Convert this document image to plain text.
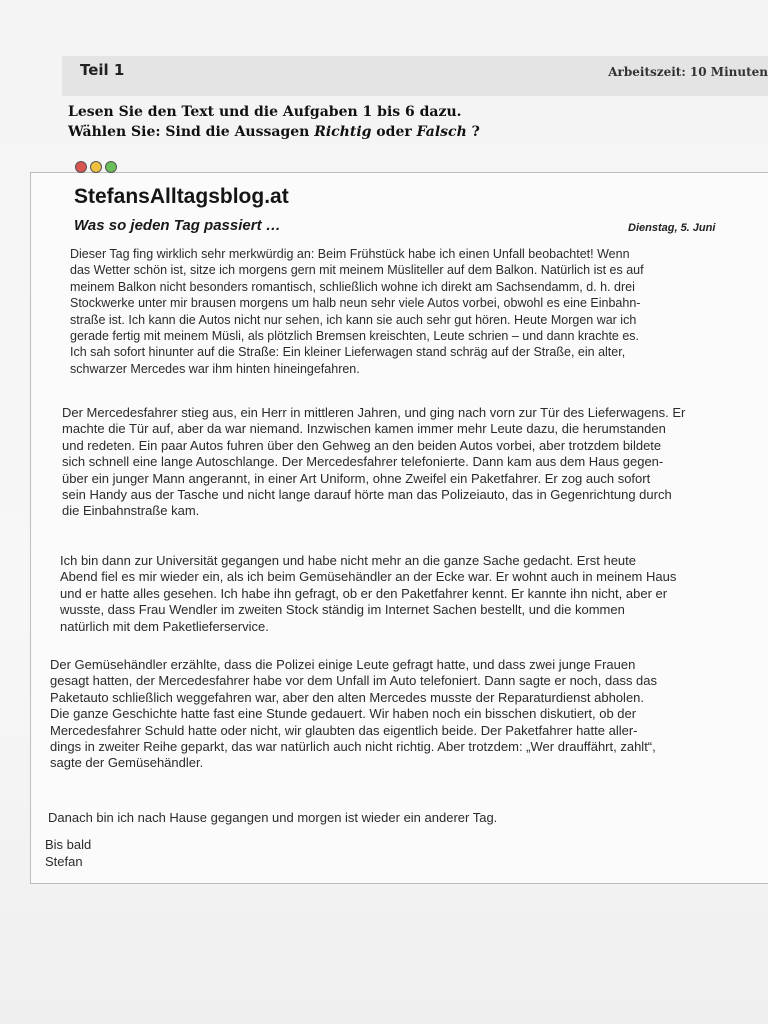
Teil 1	Arbeitszeit: 10 Minuten
Lesen Sie den Text und die Aufgaben 1 bis 6 dazu.
Wählen Sie: Sind die Aussagen Richtig oder Falsch ?
StefansAlltagsblog.at
Was so jeden Tag passiert …	Dienstag, 5. Juni
Dieser Tag fing wirklich sehr merkwürdig an: Beim Frühstück habe ich einen Unfall beobachtet! Wenn
das Wetter schön ist, sitze ich morgens gern mit meinem Müsliteller auf dem Balkon. Natürlich ist es auf
meinem Balkon nicht besonders romantisch, schließlich wohne ich direkt am Sachsendamm, d. h. drei
Stockwerke unter mir brausen morgens um halb neun sehr viele Autos vorbei, obwohl es eine Einbahn-
straße ist. Ich kann die Autos nicht nur sehen, ich kann sie auch sehr gut hören. Heute Morgen war ich
gerade fertig mit meinem Müsli, als plötzlich Bremsen kreischten, Leute schrien – und dann krachte es.
Ich sah sofort hinunter auf die Straße: Ein kleiner Lieferwagen stand schräg auf der Straße, ein alter,
schwarzer Mercedes war ihm hinten hineingefahren.
Der Mercedesfahrer stieg aus, ein Herr in mittleren Jahren, und ging nach vorn zur Tür des Lieferwagens. Er
machte die Tür auf, aber da war niemand. Inzwischen kamen immer mehr Leute dazu, die herumstanden
und redeten. Ein paar Autos fuhren über den Gehweg an den beiden Autos vorbei, aber trotzdem bildete
sich schnell eine lange Autoschlange. Der Mercedesfahrer telefonierte. Dann kam aus dem Haus gegen-
über ein junger Mann angerannt, in einer Art Uniform, ohne Zweifel ein Paketfahrer. Er zog auch sofort
sein Handy aus der Tasche und nicht lange darauf hörte man das Polizeiauto, das in Gegenrichtung durch
die Einbahnstraße kam.
Ich bin dann zur Universität gegangen und habe nicht mehr an die ganze Sache gedacht. Erst heute
Abend fiel es mir wieder ein, als ich beim Gemüsehändler an der Ecke war. Er wohnt auch in meinem Haus
und er hatte alles gesehen. Ich habe ihn gefragt, ob er den Paketfahrer kennt. Er kannte ihn nicht, aber er
wusste, dass Frau Wendler im zweiten Stock ständig im Internet Sachen bestellt, und die kommen
natürlich mit dem Paketlieferservice.
Der Gemüsehändler erzählte, dass die Polizei einige Leute gefragt hatte, und dass zwei junge Frauen
gesagt hatten, der Mercedesfahrer habe vor dem Unfall im Auto telefoniert. Dann sagte er noch, dass das
Paketauto schließlich weggefahren war, aber den alten Mercedes musste der Reparaturdienst abholen.
Die ganze Geschichte hatte fast eine Stunde gedauert. Wir haben noch ein bisschen diskutiert, ob der
Mercedesfahrer Schuld hatte oder nicht, wir glaubten das eigentlich beide. Der Paketfahrer hatte aller-
dings in zweiter Reihe geparkt, das war natürlich auch nicht richtig. Aber trotzdem: „Wer drauffährt, zahlt“,
sagte der Gemüsehändler.
Danach bin ich nach Hause gegangen und morgen ist wieder ein anderer Tag.
Bis bald
Stefan
